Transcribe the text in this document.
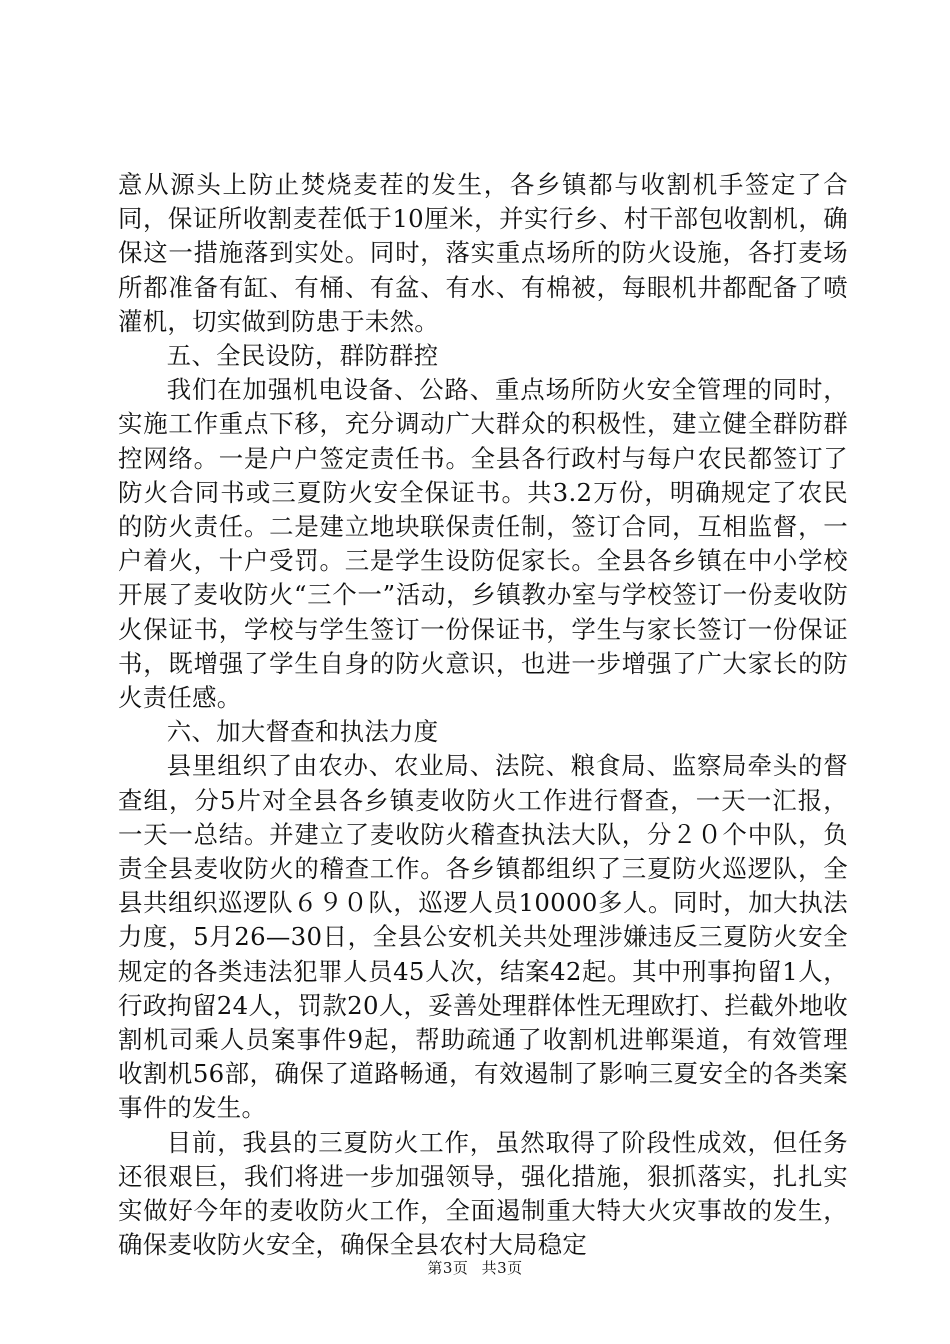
意从源头上防止焚烧麦茬的发生，各乡镇都与收割机手签定了合同，保证所收割麦茬低于10厘米，并实行乡、村干部包收割机，确保这一措施落到实处。同时，落实重点场所的防火设施，各打麦场所都准备有缸、有桶、有盆、有水、有棉被，每眼机井都配备了喷灌机，切实做到防患于未然。

五、全民设防，群防群控

我们在加强机电设备、公路、重点场所防火安全管理的同时，实施工作重点下移，充分调动广大群众的积极性，建立健全群防群控网络。一是户户签定责任书。全县各行政村与每户农民都签订了防火合同书或三夏防火安全保证书。共3.2万份，明确规定了农民的防火责任。二是建立地块联保责任制，签订合同，互相监督，一户着火，十户受罚。三是学生设防促家长。全县各乡镇在中小学校开展了麦收防火“三个一”活动，乡镇教办室与学校签订一份麦收防火保证书，学校与学生签订一份保证书，学生与家长签订一份保证书，既增强了学生自身的防火意识，也进一步增强了广大家长的防火责任感。

六、加大督查和执法力度

县里组织了由农办、农业局、法院、粮食局、监察局牵头的督查组，分5片对全县各乡镇麦收防火工作进行督查，一天一汇报，一天一总结。并建立了麦收防火稽查执法大队，分２０个中队，负责全县麦收防火的稽查工作。各乡镇都组织了三夏防火巡逻队，全县共组织巡逻队６９０队，巡逻人员10000多人。同时，加大执法力度，5月26—30日，全县公安机关共处理涉嫌违反三夏防火安全规定的各类违法犯罪人员45人次，结案42起。其中刑事拘留1人，行政拘留24人，罚款20人，妥善处理群体性无理欧打、拦截外地收割机司乘人员案事件9起，帮助疏通了收割机进郸渠道，有效管理收割机56部，确保了道路畅通，有效遏制了影响三夏安全的各类案事件的发生。

目前，我县的三夏防火工作，虽然取得了阶段性成效，但任务还很艰巨，我们将进一步加强领导，强化措施，狠抓落实，扎扎实实做好今年的麦收防火工作，全面遏制重大特大火灾事故的发生，确保麦收防火安全，确保全县农村大局稳定

第3页 共3页
